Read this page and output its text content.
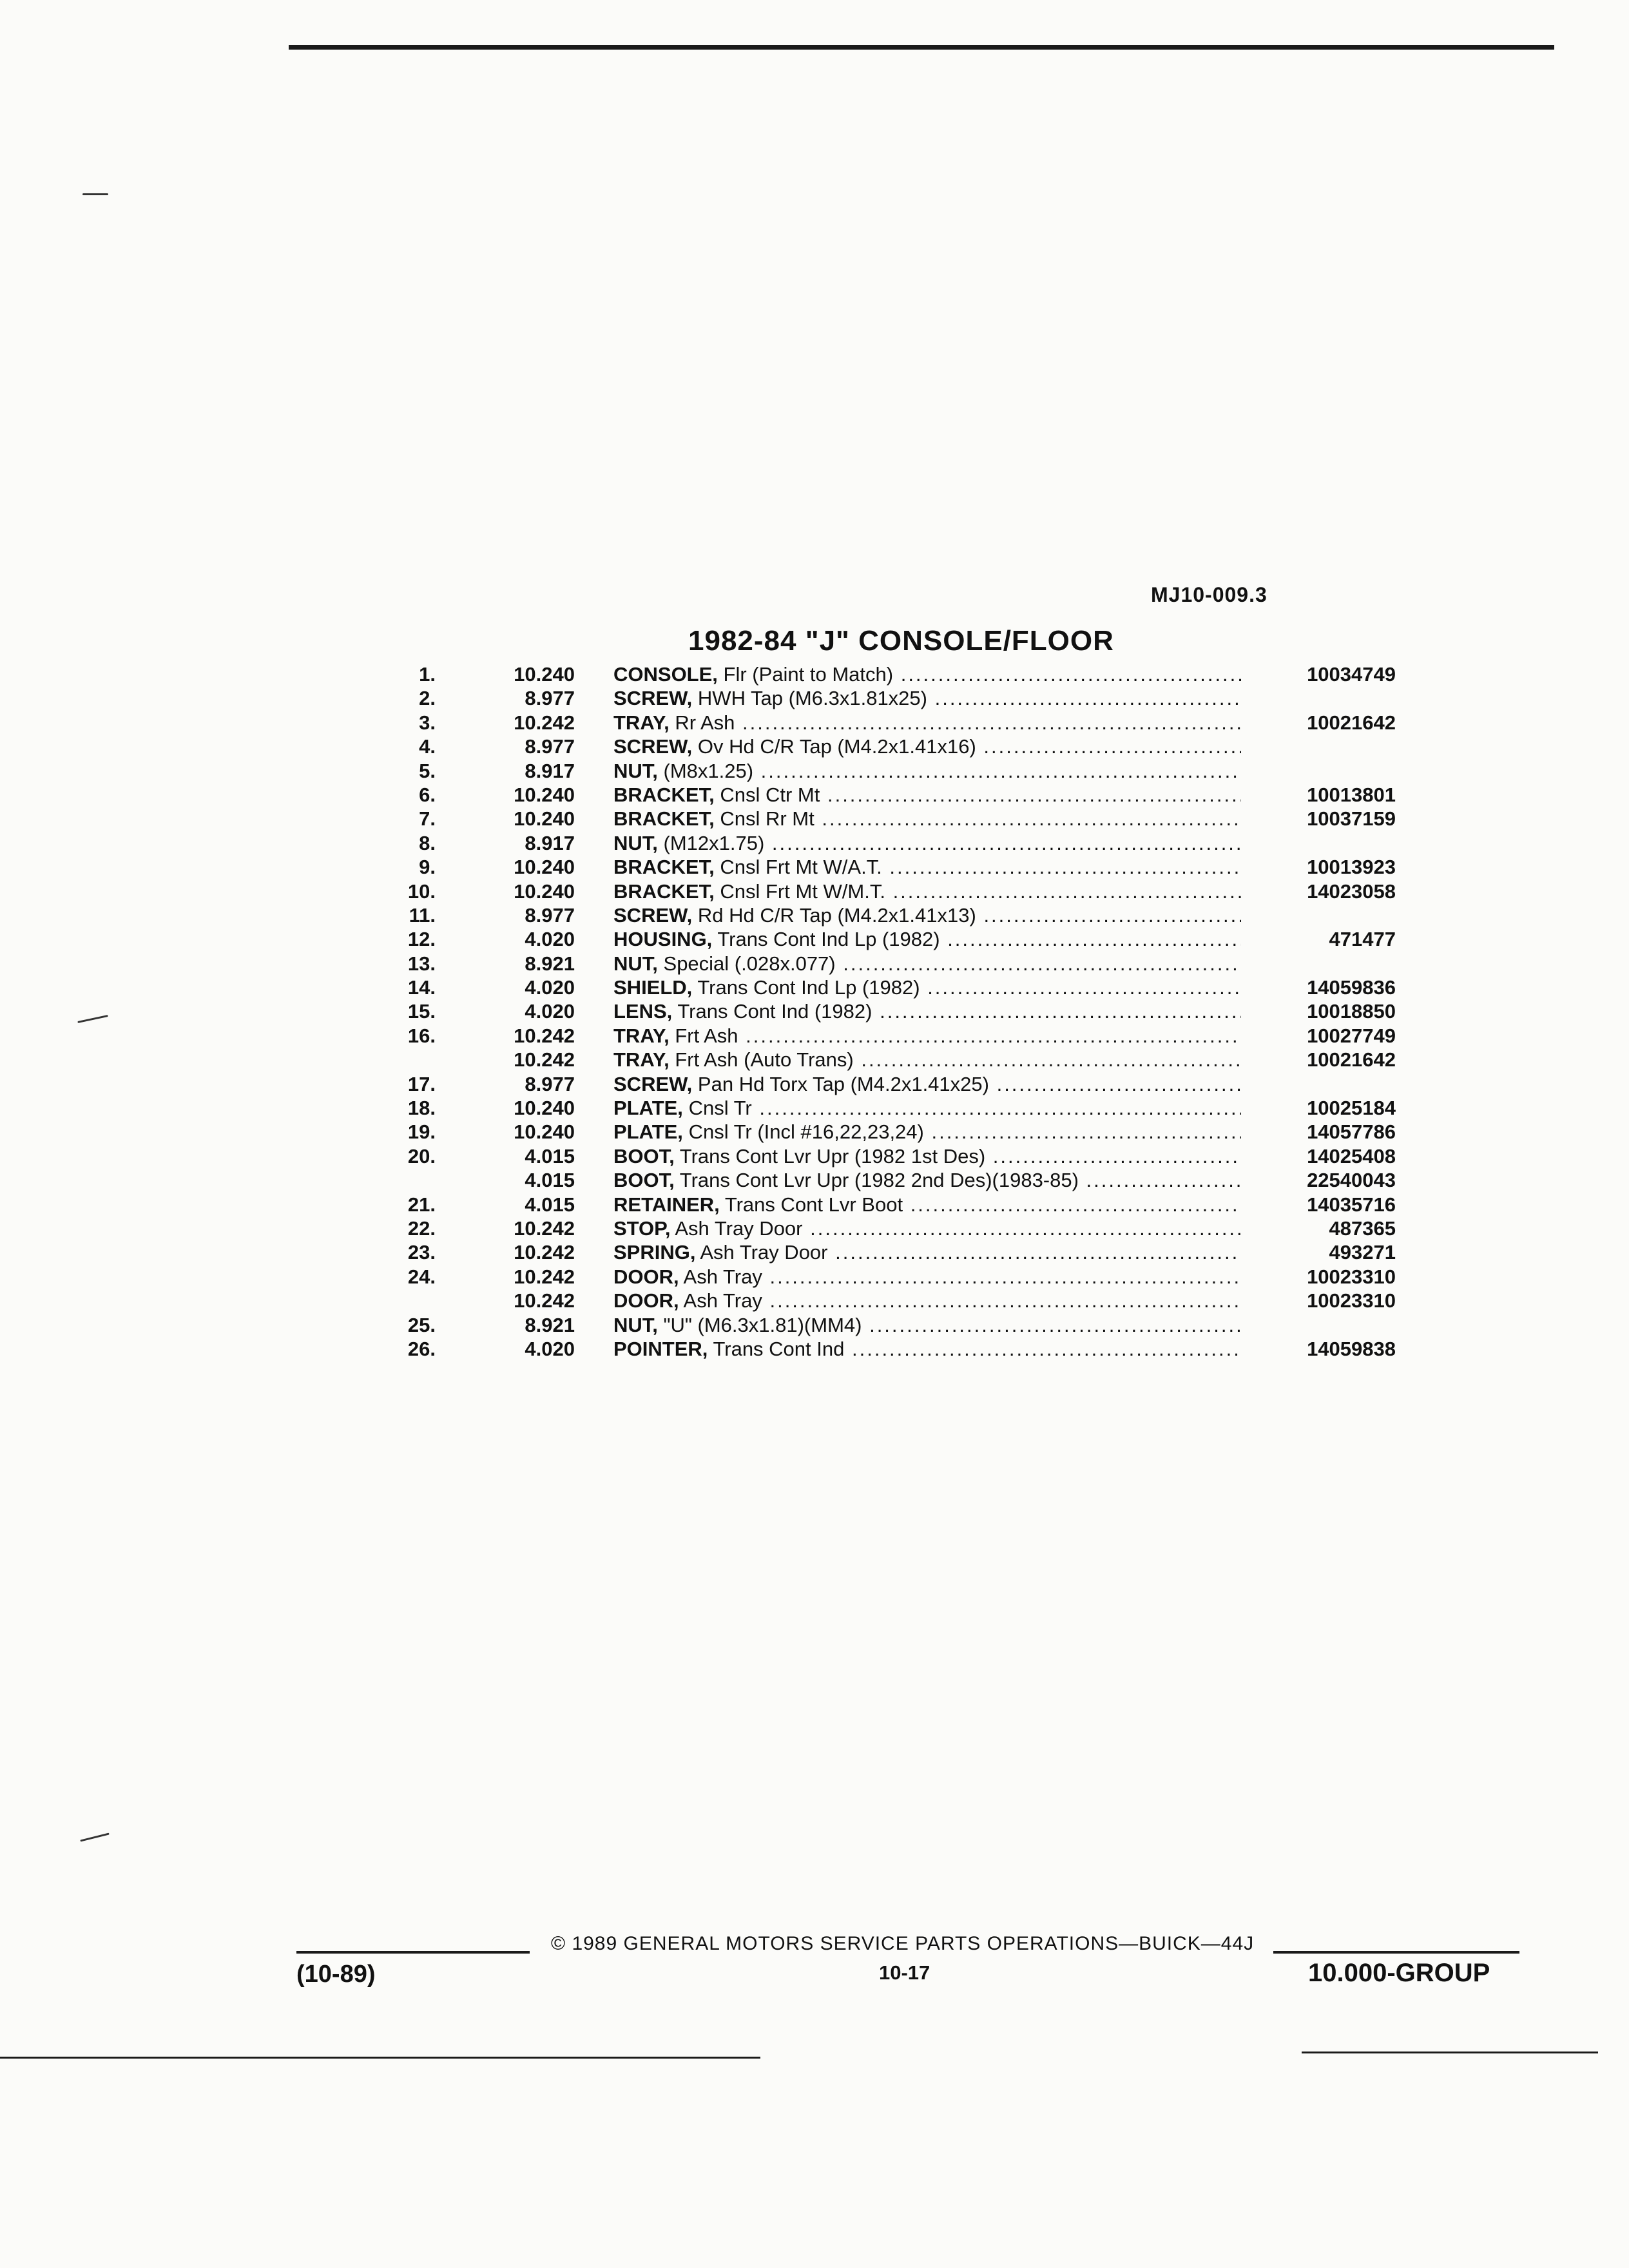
MJ10-009.3
1982-84 "J" CONSOLE/FLOOR
1.	10.240 CONSOLE, Flr (Paint to Match) .....	10034749
2.	8.977 SCREW, HWH Tap (M6.3x1.81x25) .....
3.	10.242 TRAY, Rr Ash .....	10021642
4.	8.977 SCREW, Ov Hd C/R Tap (M4.2x1.41x16) .....
5.	8.917 NUT, (M8x1.25) .....
6.	10.240 BRACKET, Cnsl Ctr Mt .....	10013801
7.	10.240 BRACKET, Cnsl Rr Mt .....	10037159
8.	8.917 NUT, (M12x1.75) .....
9.	10.240 BRACKET, Cnsl Frt Mt W/A.T. .....	10013923
10.	10.240 BRACKET, Cnsl Frt Mt W/M.T. .....	14023058
11.	8.977 SCREW, Rd Hd C/R Tap (M4.2x1.41x13) .....
12.	4.020 HOUSING, Trans Cont Ind Lp (1982) .....	471477
13.	8.921 NUT, Special (.028x.077) .....
14.	4.020 SHIELD, Trans Cont Ind Lp (1982) .....	14059836
15.	4.020 LENS, Trans Cont Ind (1982) .....	10018850
16.	10.242 TRAY, Frt Ash .....	10027749
10.242 TRAY, Frt Ash (Auto Trans) .....	10021642
17.	8.977 SCREW, Pan Hd Torx Tap (M4.2x1.41x25) .....
18.	10.240 PLATE, Cnsl Tr .....	10025184
19.	10.240 PLATE, Cnsl Tr (Incl #16,22,23,24) .....	14057786
20.	4.015 BOOT, Trans Cont Lvr Upr (1982 1st Des) .....	14025408
4.015 BOOT, Trans Cont Lvr Upr (1982 2nd Des)(1983-85) .....	22540043
21.	4.015 RETAINER, Trans Cont Lvr Boot .....	14035716
22.	10.242 STOP, Ash Tray Door .....	487365
23.	10.242 SPRING, Ash Tray Door .....	493271
24.	10.242 DOOR, Ash Tray .....	10023310
10.242 DOOR, Ash Tray .....	10023310
25.	8.921 NUT, "U" (M6.3x1.81)(MM4) .....
26.	4.020 POINTER, Trans Cont Ind .....	14059838
© 1989 GENERAL MOTORS SERVICE PARTS OPERATIONS—BUICK—44J
(10-89)	10-17	10.000-GROUP
